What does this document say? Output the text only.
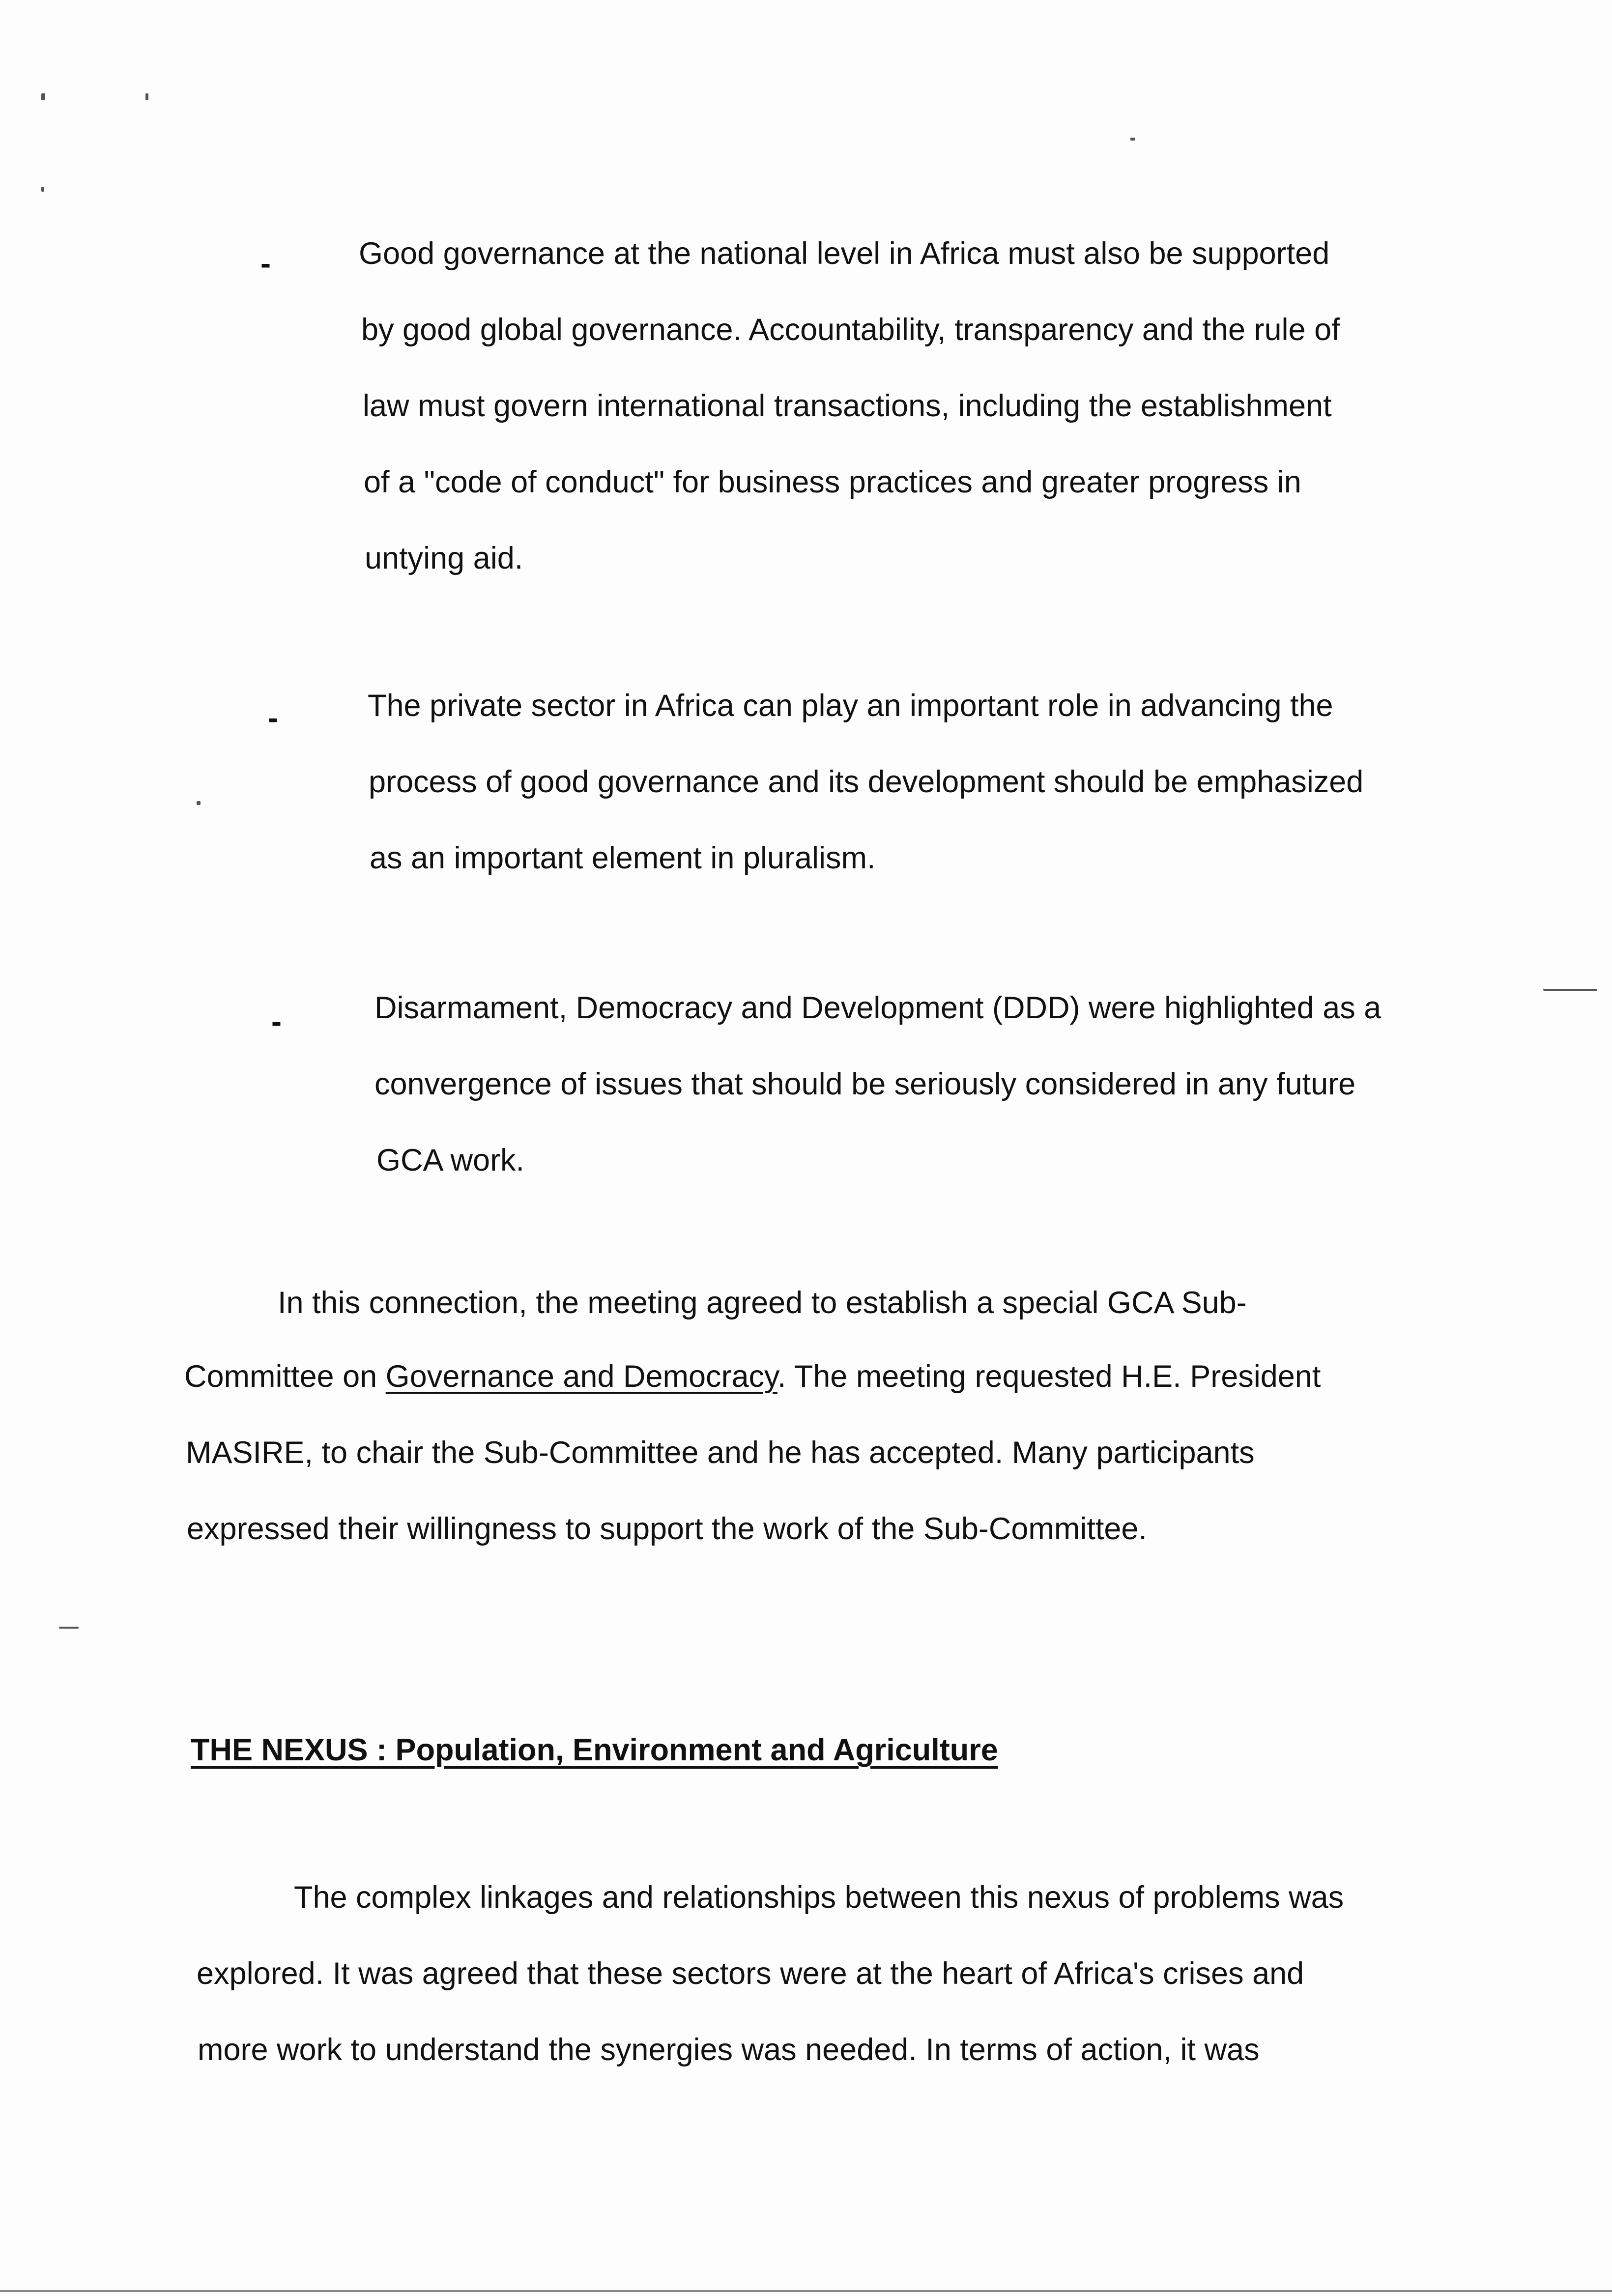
-	Good governance at the national level in Africa must also be supported
by good global governance. Accountability, transparency and the rule of
law must govern international transactions, including the establishment
of a "code of conduct" for business practices and greater progress in
untying aid.
-	The private sector in Africa can play an important role in advancing the
process of good governance and its development should be emphasized
as an important element in pluralism.
-	Disarmament, Democracy and Development (DDD) were highlighted as a
convergence of issues that should be seriously considered in any future
GCA work.
In this connection, the meeting agreed to establish a special GCA Sub-
Committee on Governance and Democracy. The meeting requested H.E. President
MASIRE, to chair the Sub-Committee and he has accepted. Many participants
expressed their willingness to support the work of the Sub-Committee.
THE NEXUS : Population, Environment and Agriculture
The complex linkages and relationships between this nexus of problems was
explored. It was agreed that these sectors were at the heart of Africa's crises and
more work to understand the synergies was needed. In terms of action, it was
